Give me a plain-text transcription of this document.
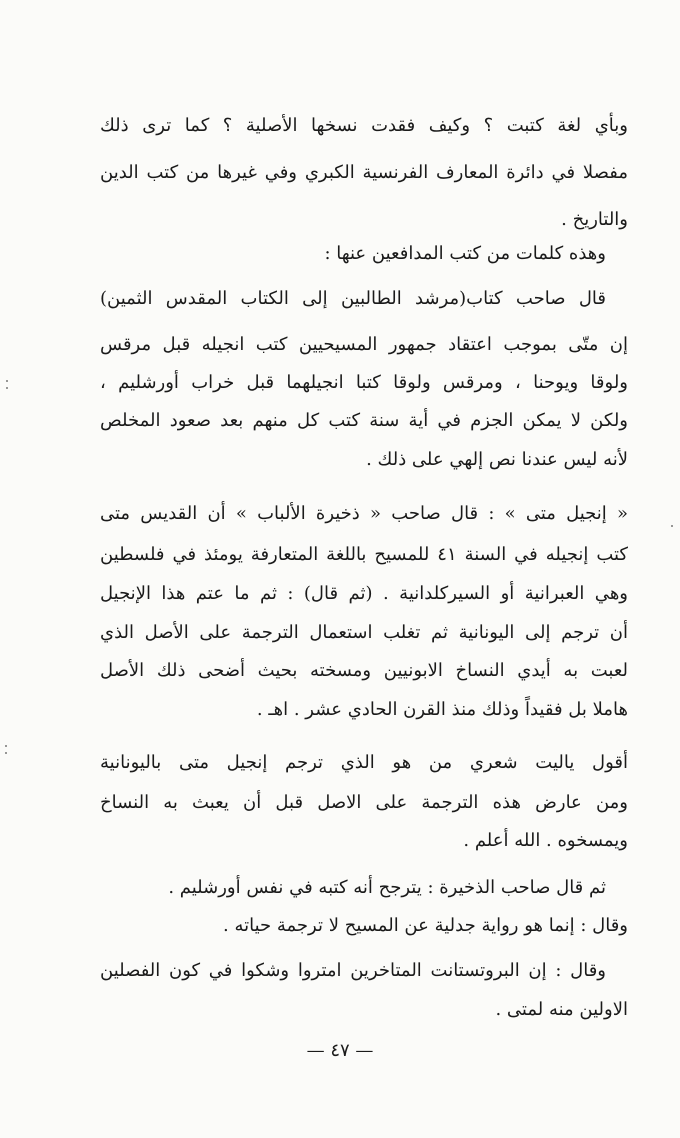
وبأي لغة كتبت ؟ وكيف فقدت نسخها الأصلية ؟ كما ترى ذلك
مفصلا في دائرة المعارف الفرنسية الكبري وفي غيرها من كتب الدين
والتاريخ .
وهذه كلمات من كتب المدافعين عنها :
قال صاحب كتاب(مرشد الطالبين إلى الكتاب المقدس الثمين)
إن متّى بموجب اعتقاد جمهور المسيحيين كتب انجيله قبل مرقس
ولوقا ويوحنا ، ومرقس ولوقا كتبا انجيلهما قبل خراب أورشليم ،
ولكن لا يمكن الجزم في أية سنة كتب كل منهم بعد صعود المخلص
لأنه ليس عندنا نص إلهي على ذلك .
« إنجيل متى » : قال صاحب « ذخيرة الألباب » أن القديس متى
كتب إنجيله في السنة ٤١ للمسيح باللغة المتعارفة يومئذ في فلسطين
وهي العبرانية أو السيركلدانية . (ثم قال) : ثم ما عتم هذا الإنجيل
أن ترجم إلى اليونانية ثم تغلب استعمال الترجمة على الأصل الذي
لعبت به أيدي النساخ الابونيين ومسخته بحيث أضحى ذلك الأصل
هاملا بل فقيداً وذلك منذ القرن الحادي عشر . اهـ .
أقول ياليت شعري من هو الذي ترجم إنجيل متى باليونانية
ومن عارض هذه الترجمة على الاصل قبل أن يعبث به النساخ
ويمسخوه . الله أعلم .
ثم قال صاحب الذخيرة : يترجح أنه كتبه في نفس أورشليم .
وقال : إنما هو رواية جدلية عن المسيح لا ترجمة حياته .
وقال : إن البروتستانت المتاخرين امتروا وشكوا في كون الفصلين
الاولين منه لمتى .
— ٤٧ —
